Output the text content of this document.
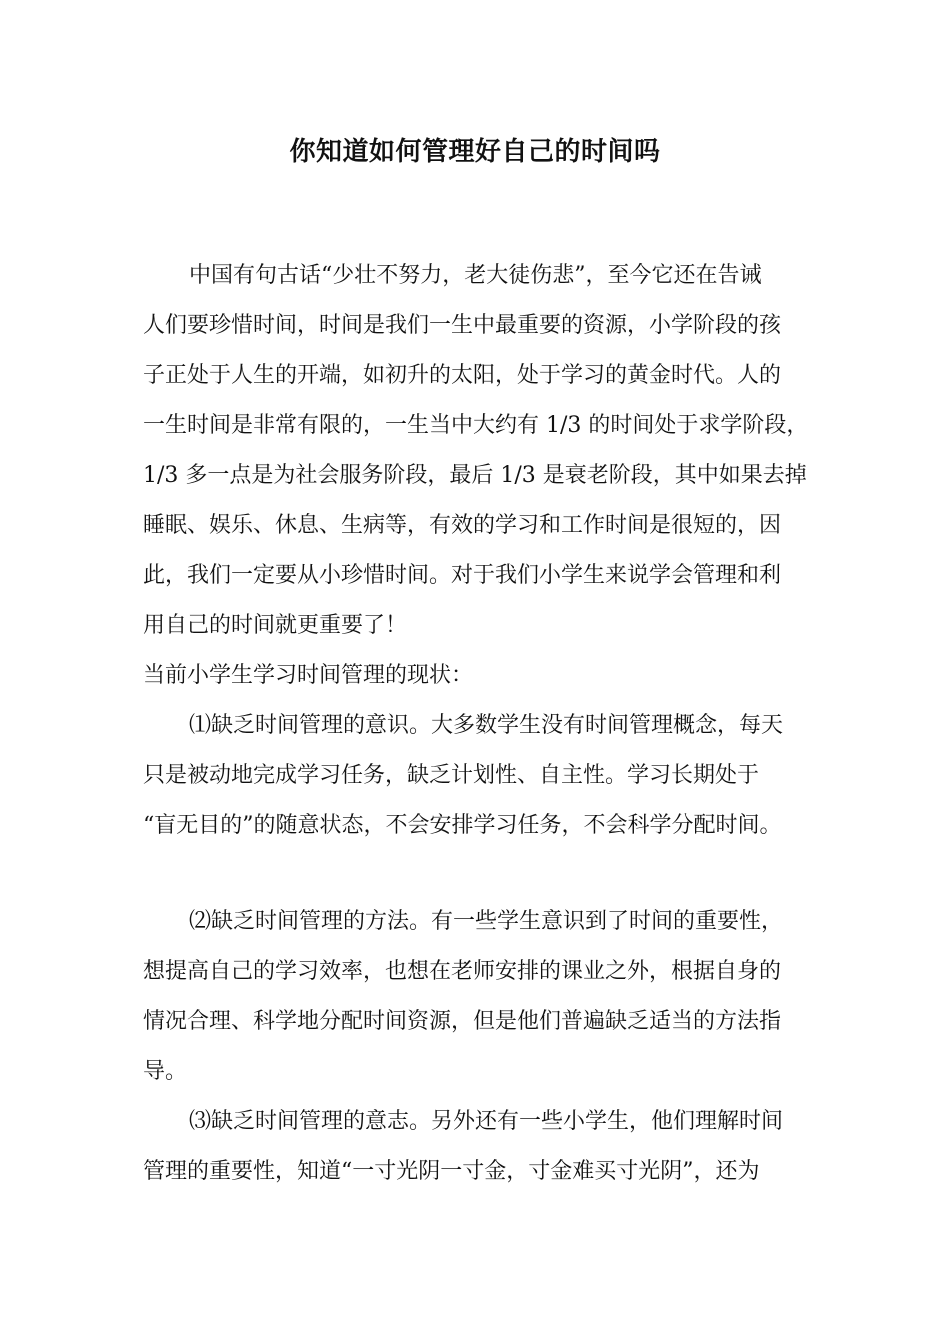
你知道如何管理好自己的时间吗
中国有句古话“少壮不努力，老大徒伤悲”，至今它还在告诫
人们要珍惜时间，时间是我们一生中最重要的资源，小学阶段的孩
子正处于人生的开端，如初升的太阳，处于学习的黄金时代。人的
一生时间是非常有限的，一生当中大约有 1/3 的时间处于求学阶段，
1/3 多一点是为社会服务阶段，最后 1/3 是衰老阶段，其中如果去掉
睡眠、娱乐、休息、生病等，有效的学习和工作时间是很短的，因
此，我们一定要从小珍惜时间。对于我们小学生来说学会管理和利
用自己的时间就更重要了！
当前小学生学习时间管理的现状：
⑴缺乏时间管理的意识。大多数学生没有时间管理概念，每天
只是被动地完成学习任务，缺乏计划性、自主性。学习长期处于
“盲无目的”的随意状态，不会安排学习任务，不会科学分配时间。
⑵缺乏时间管理的方法。有一些学生意识到了时间的重要性，
想提高自己的学习效率，也想在老师安排的课业之外，根据自身的
情况合理、科学地分配时间资源，但是他们普遍缺乏适当的方法指
导。
⑶缺乏时间管理的意志。另外还有一些小学生，他们理解时间
管理的重要性，知道“一寸光阴一寸金，寸金难买寸光阴”，还为
